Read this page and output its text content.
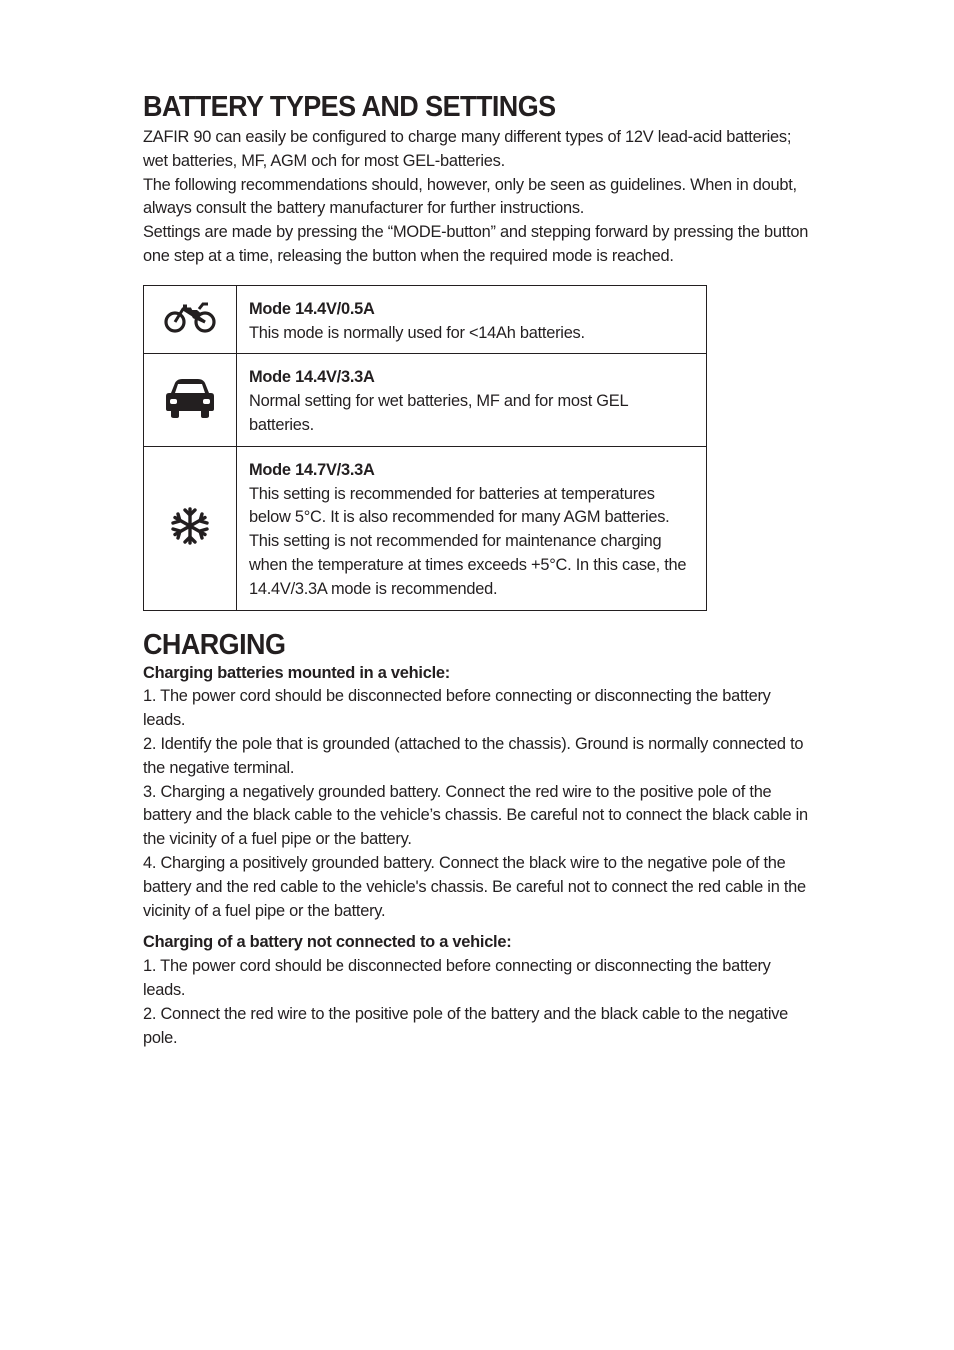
BATTERY TYPES AND SETTINGS

ZAFIR 90 can easily be configured to charge many different types of 12V lead-acid batteries; wet batteries, MF, AGM och for most GEL-batteries.

The following recommendations should, however, only be seen as guidelines. When in doubt, always consult the battery manufacturer for further instructions.

Settings are made by pressing the “MODE-button” and stepping forward by pressing the button one step at a time, releasing the button when the required mode is reached.

Mode 14.4V/0.5A
This mode is normally used for <14Ah batteries.

Mode 14.4V/3.3A
Normal setting for wet batteries, MF and for most GEL batteries.

Mode 14.7V/3.3A
This setting is recommended for batteries at temperatures below 5°C. It is also recommended for many AGM batteries. This setting is not recommended for maintenance charging when the temperature at times exceeds +5°C. In this case, the 14.4V/3.3A mode is recommended.
CHARGING
Charging batteries mounted in a vehicle:

1. The power cord should be disconnected before connecting or disconnecting the battery leads.

2. Identify the pole that is grounded (attached to the chassis). Ground is normally connected to the negative terminal.

3. Charging a negatively grounded battery. Connect the red wire to the positive pole of the battery and the black cable to the vehicle’s chassis. Be careful not to connect the black cable in the vicinity of a fuel pipe or the battery.

4. Charging a positively grounded battery. Connect the black wire to the negative pole of the battery and the red cable to the vehicle's chassis. Be careful not to connect the red cable in the vicinity of a fuel pipe or the battery.

Charging of a battery not connected to a vehicle:

1. The power cord should be disconnected before connecting or disconnecting the battery leads.

2. Connect the red wire to the positive pole of the battery and the black cable to the negative pole.
